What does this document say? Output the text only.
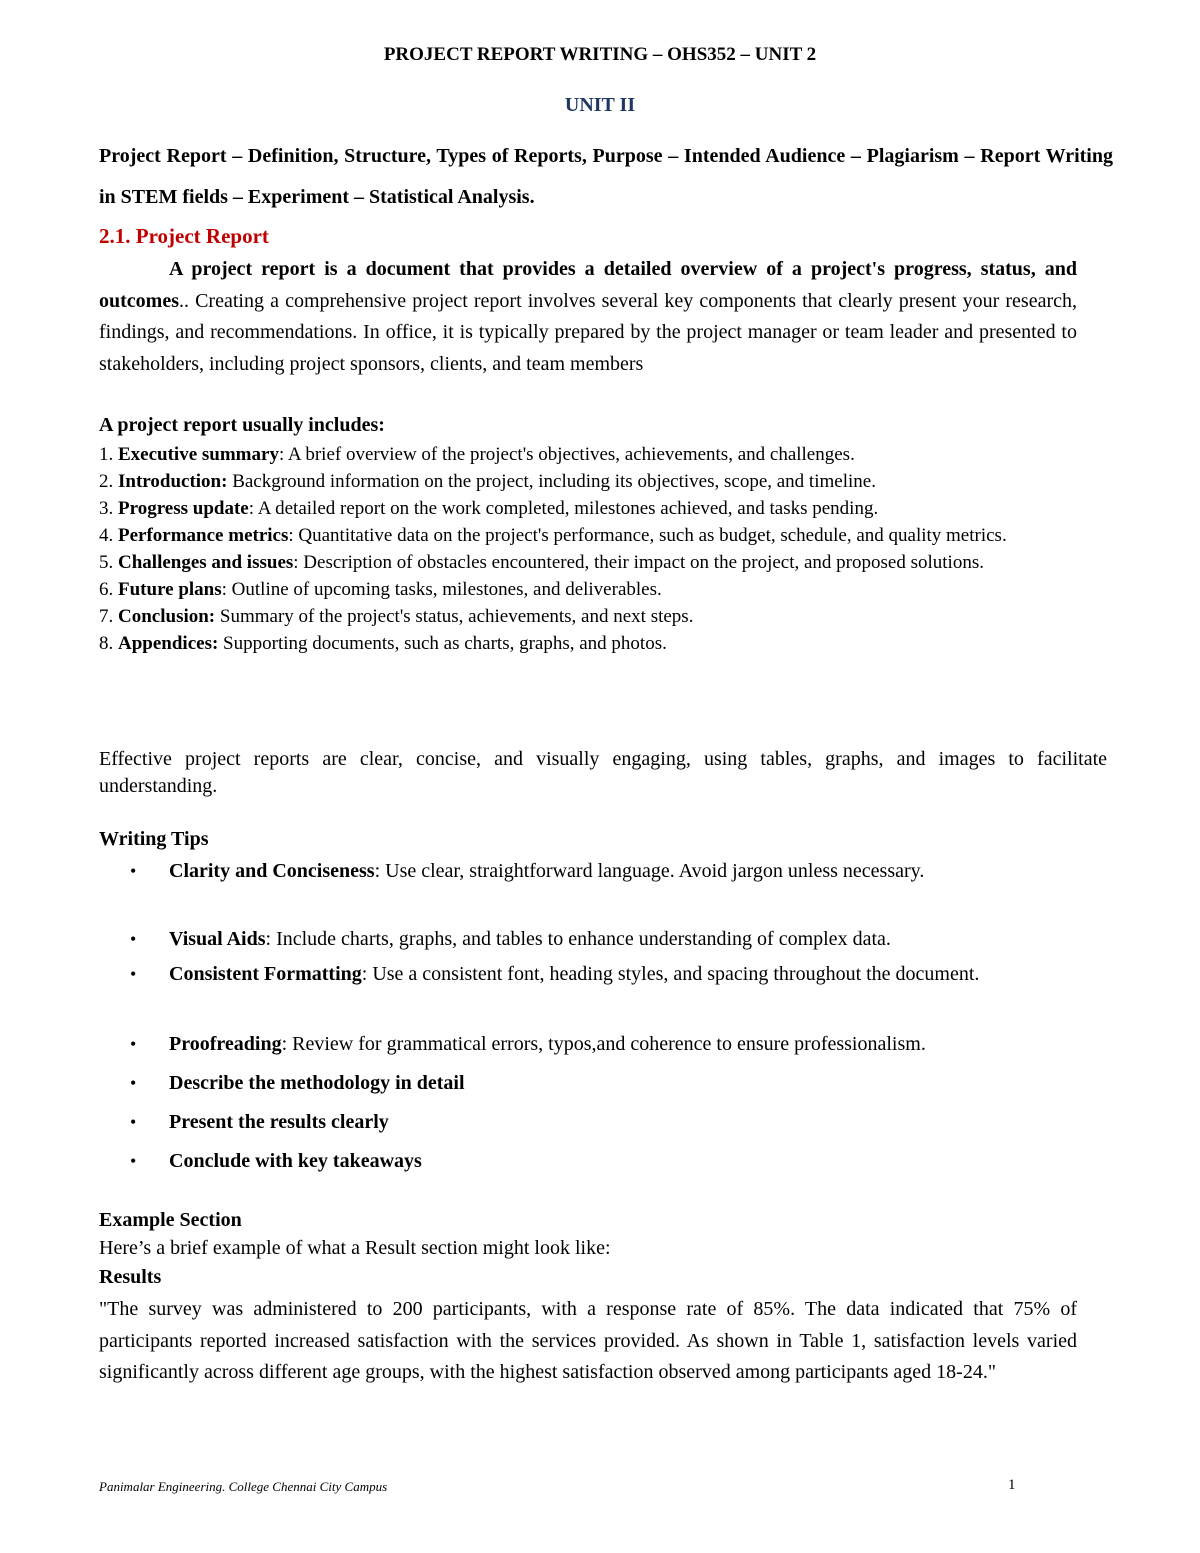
PROJECT REPORT WRITING – OHS352 – UNIT 2
UNIT II
Project Report – Definition, Structure, Types of Reports, Purpose – Intended Audience – Plagiarism – Report Writing in STEM fields – Experiment – Statistical Analysis.
2.1. Project Report
A project report is a document that provides a detailed overview of a project's progress, status, and outcomes.. Creating a comprehensive project report involves several key components that clearly present your research, findings, and recommendations. In office, it is typically prepared by the project manager or team leader and presented to stakeholders, including project sponsors, clients, and team members
A project report usually includes:
1. Executive summary: A brief overview of the project's objectives, achievements, and challenges.
2. Introduction: Background information on the project, including its objectives, scope, and timeline.
3. Progress update: A detailed report on the work completed, milestones achieved, and tasks pending.
4. Performance metrics: Quantitative data on the project's performance, such as budget, schedule, and quality metrics.
5. Challenges and issues: Description of obstacles encountered, their impact on the project, and proposed solutions.
6. Future plans: Outline of upcoming tasks, milestones, and deliverables.
7. Conclusion: Summary of the project's status, achievements, and next steps.
8. Appendices: Supporting documents, such as charts, graphs, and photos.
Effective project reports are clear, concise, and visually engaging, using tables, graphs, and images to facilitate understanding.
Writing Tips
• Clarity and Conciseness: Use clear, straightforward language. Avoid jargon unless necessary.
• Visual Aids: Include charts, graphs, and tables to enhance understanding of complex data.
• Consistent Formatting: Use a consistent font, heading styles, and spacing throughout the document.
• Proofreading: Review for grammatical errors, typos,and coherence to ensure professionalism.
• Describe the methodology in detail
• Present the results clearly
• Conclude with key takeaways
Example Section
Here’s a brief example of what a Result section might look like:
Results
"The survey was administered to 200 participants, with a response rate of 85%. The data indicated that 75% of participants reported increased satisfaction with the services provided. As shown in Table 1, satisfaction levels varied significantly across different age groups, with the highest satisfaction observed among participants aged 18-24."
Panimalar Engineering. College Chennai City Campus	1
